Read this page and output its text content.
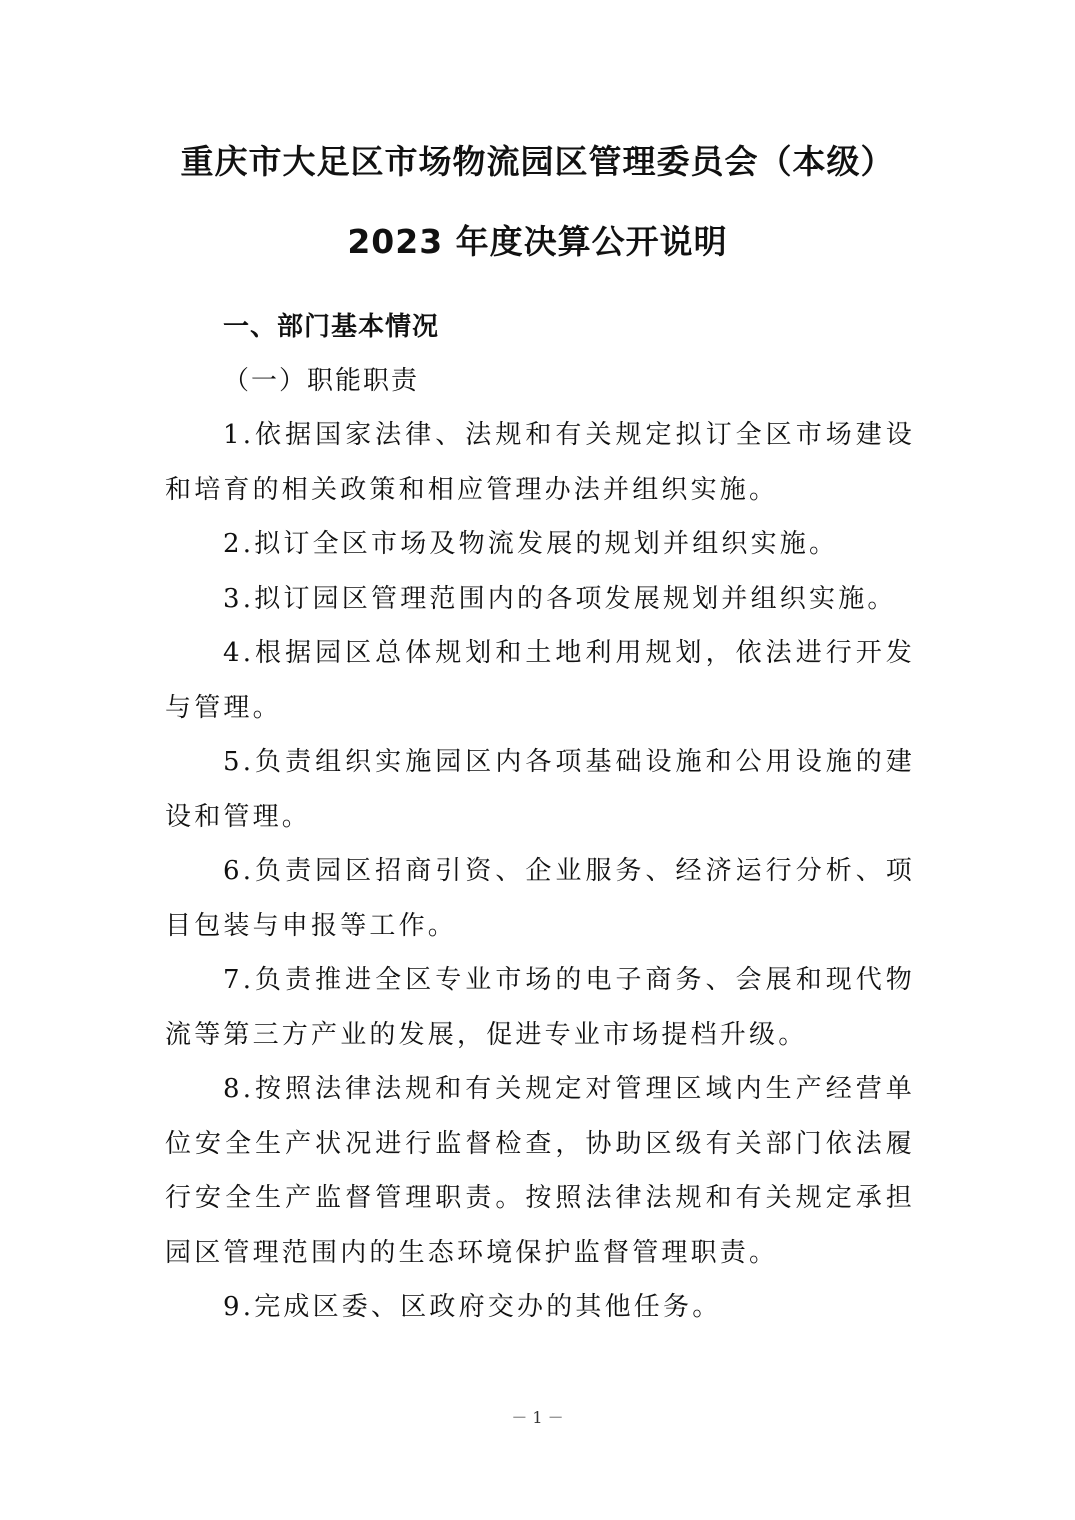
重庆市大足区市场物流园区管理委员会（本级）
2023 年度决算公开说明

一、部门基本情况

（一）职能职责

1.依据国家法律、法规和有关规定拟订全区市场建设和培育的相关政策和相应管理办法并组织实施。

2.拟订全区市场及物流发展的规划并组织实施。

3.拟订园区管理范围内的各项发展规划并组织实施。

4.根据园区总体规划和土地利用规划，依法进行开发与管理。

5.负责组织实施园区内各项基础设施和公用设施的建设和管理。

6.负责园区招商引资、企业服务、经济运行分析、项目包装与申报等工作。

7.负责推进全区专业市场的电子商务、会展和现代物流等第三方产业的发展，促进专业市场提档升级。

8.按照法律法规和有关规定对管理区域内生产经营单位安全生产状况进行监督检查，协助区级有关部门依法履行安全生产监督管理职责。按照法律法规和有关规定承担园区管理范围内的生态环境保护监督管理职责。

9.完成区委、区政府交办的其他任务。

－ 1 －
